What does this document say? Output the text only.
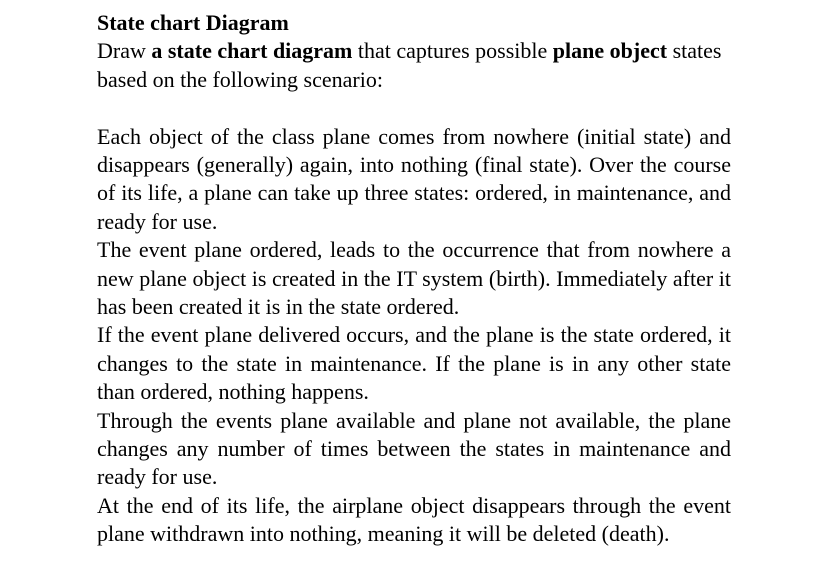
State chart Diagram

Draw a state chart diagram that captures possible plane object states based on the following scenario:

Each object of the class plane comes from nowhere (initial state) and disappears (generally) again, into nothing (final state). Over the course of its life, a plane can take up three states: ordered, in maintenance, and ready for use.

The event plane ordered, leads to the occurrence that from nowhere a new plane object is created in the IT system (birth). Immediately after it has been created it is in the state ordered.

If the event plane delivered occurs, and the plane is the state ordered, it changes to the state in maintenance. If the plane is in any other state than ordered, nothing happens.

Through the events plane available and plane not available, the plane changes any number of times between the states in maintenance and ready for use.

At the end of its life, the airplane object disappears through the event plane withdrawn into nothing, meaning it will be deleted (death).
